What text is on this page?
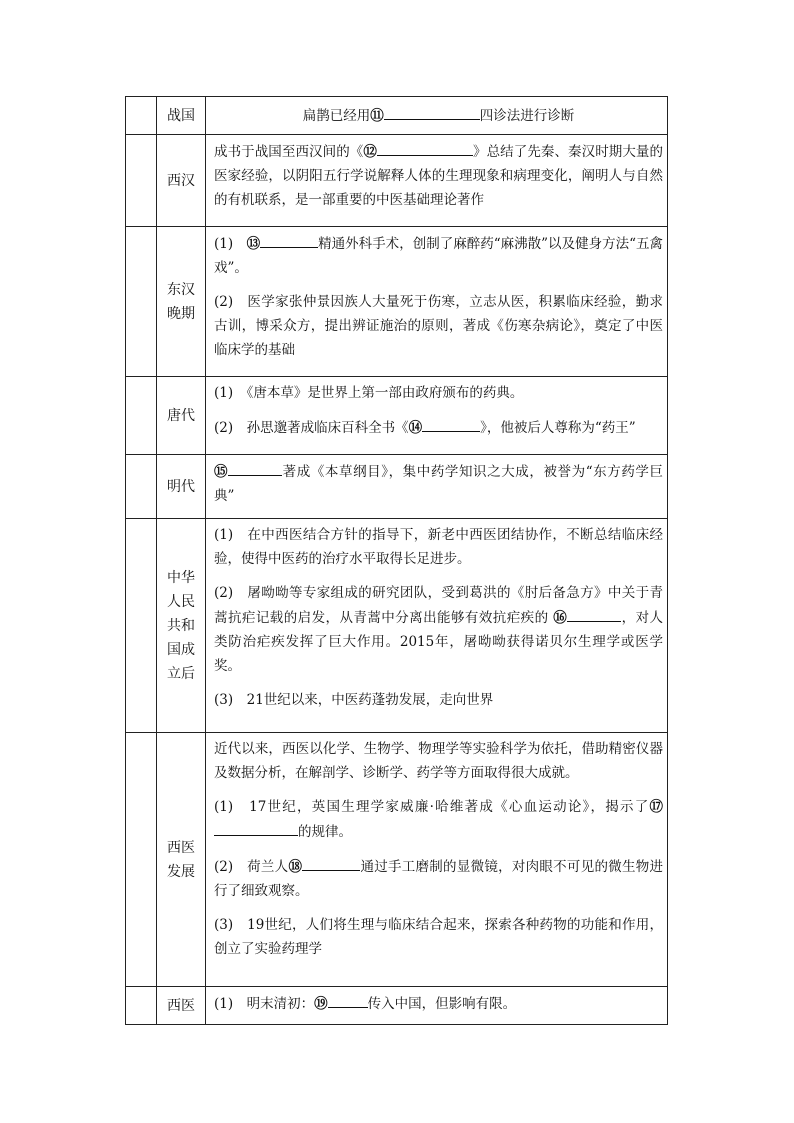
	战国	扁鹊已经用⑪ 四诊法进行诊断
	西汉	成书于战国至西汉间的《⑫ 》总结了先秦、秦汉时期大量的医家经验，以阴阳五行学说解释人体的生理现象和病理变化，阐明人与自然的有机联系，是一部重要的中医基础理论著作

	东汉晚期	(1)　⑬ 精通外科手术，创制了麻醉药“麻沸散”以及健身方法“五禽戏”。

(2)　医学家张仲景因族人大量死于伤寒，立志从医，积累临床经验，勤求古训，博采众方，提出辨证施治的原则，著成《伤寒杂病论》，奠定了中医临床学的基础

	唐代	(1)　《唐本草》是世界上第一部由政府颁布的药典。

(2)　孙思邈著成临床百科全书《⑭ 》，他被后人尊称为“药王”

	明代	⑮ 著成《本草纲目》，集中药学知识之大成，被誉为“东方药学巨典”

	中华人民共和国成立后	(1)　在中西医结合方针的指导下，新老中西医团结协作，不断总结临床经验，使得中医药的治疗水平取得长足进步。

(2)　屠呦呦等专家组成的研究团队，受到葛洪的《肘后备急方》中关于青蒿抗疟记载的启发，从青蒿中分离出能够有效抗疟疾的 ⑯ ，对人类防治疟疾发挥了巨大作用。2015年，屠呦呦获得诺贝尔生理学或医学奖。

(3)　21世纪以来，中医药蓬勃发展，走向世界

	西医发展	近代以来，西医以化学、生物学、物理学等实验科学为依托，借助精密仪器及数据分析，在解剖学、诊断学、药学等方面取得很大成就。

(1)　17世纪，英国生理学家威廉·哈维著成《心血运动论》，揭示了⑰的规律。

(2)　荷兰人⑱ 通过手工磨制的显微镜，对肉眼不可见的微生物进行了细致观察。

(3)　19世纪，人们将生理与临床结合起来，探索各种药物的功能和作用，创立了实验药理学

	西医	(1)　明末清初：⑲ 传入中国，但影响有限。
